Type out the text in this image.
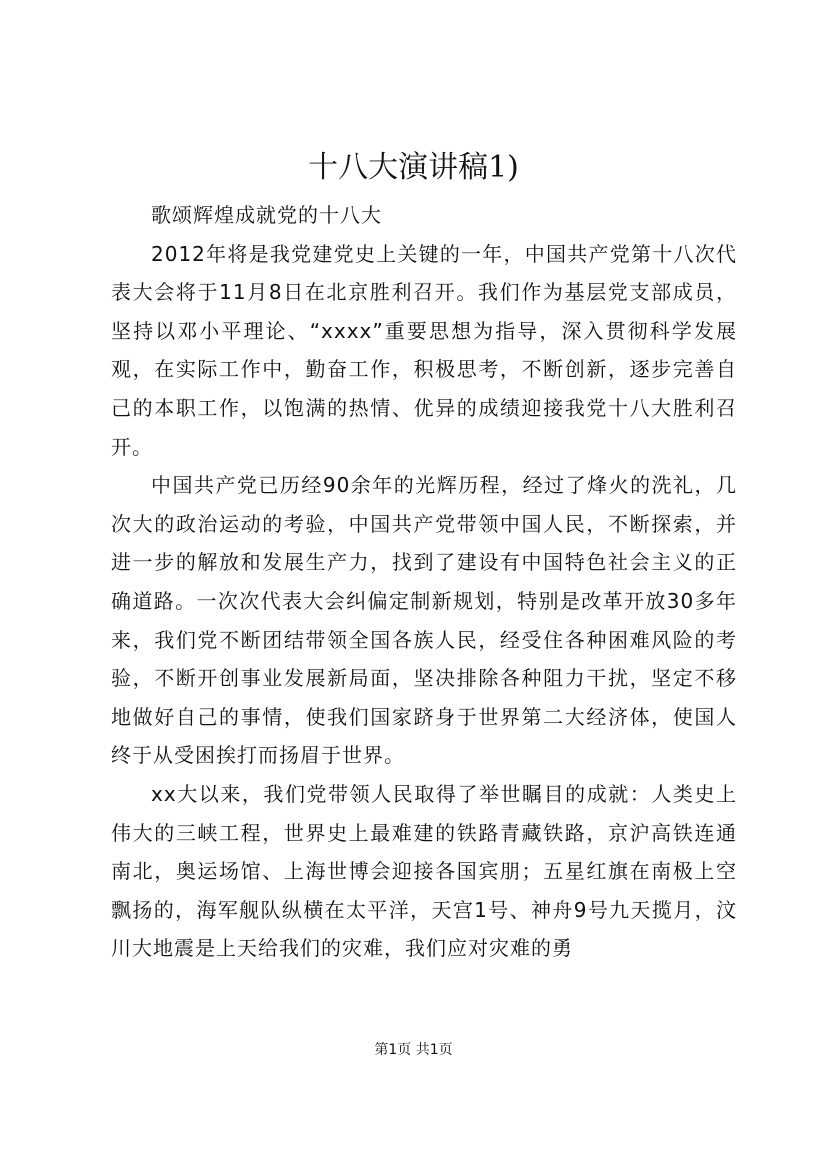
十八大演讲稿1)

歌颂辉煌成就党的十八大

2012年将是我党建党史上关键的一年，中国共产党第十八次代表大会将于11月8日在北京胜利召开。我们作为基层党支部成员，坚持以邓小平理论、“xxxx”重要思想为指导，深入贯彻科学发展观，在实际工作中，勤奋工作，积极思考，不断创新，逐步完善自己的本职工作，以饱满的热情、优异的成绩迎接我党十八大胜利召开。

中国共产党已历经90余年的光辉历程，经过了烽火的洗礼，几次大的政治运动的考验，中国共产党带领中国人民，不断探索，并进一步的解放和发展生产力，找到了建设有中国特色社会主义的正确道路。一次次代表大会纠偏定制新规划，特别是改革开放30多年来，我们党不断团结带领全国各族人民，经受住各种困难风险的考验，不断开创事业发展新局面，坚决排除各种阻力干扰，坚定不移地做好自己的事情，使我们国家跻身于世界第二大经济体，使国人终于从受困挨打而扬眉于世界。

xx大以来，我们党带领人民取得了举世瞩目的成就：人类史上伟大的三峡工程，世界史上最难建的铁路青藏铁路，京沪高铁连通南北，奥运场馆、上海世博会迎接各国宾朋；五星红旗在南极上空飘扬的，海军舰队纵横在太平洋，天宫1号、神舟9号九天揽月，汶川大地震是上天给我们的灾难，我们应对灾难的勇

第1页 共1页
